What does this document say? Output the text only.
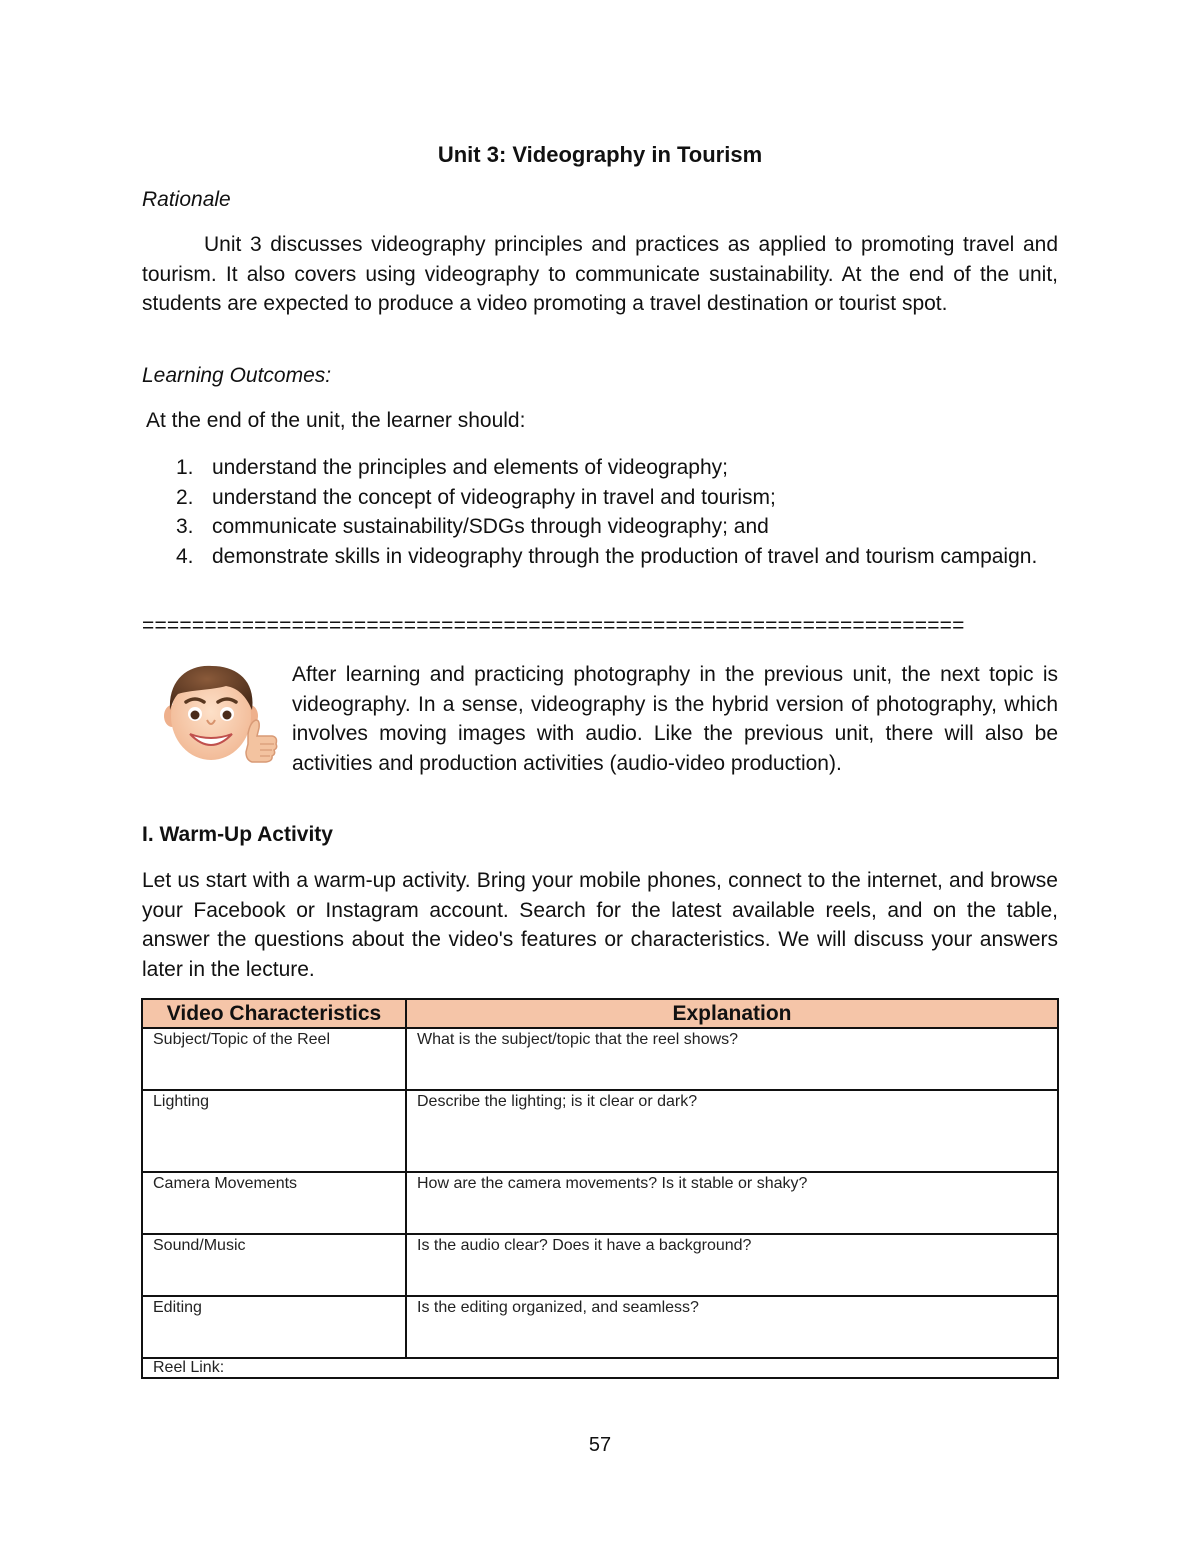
Unit 3: Videography in Tourism
Rationale
Unit 3 discusses videography principles and practices as applied to promoting travel and tourism. It also covers using videography to communicate sustainability. At the end of the unit, students are expected to produce a video promoting a travel destination or tourist spot.
Learning Outcomes:
At the end of the unit, the learner should:
1. understand the principles and elements of videography;
2. understand the concept of videography in travel and tourism;
3. communicate sustainability/SDGs through videography; and
4. demonstrate skills in videography through the production of travel and tourism campaign.
==================================================================
After learning and practicing photography in the previous unit, the next topic is videography. In a sense, videography is the hybrid version of photography, which involves moving images with audio. Like the previous unit, there will also be activities and production activities (audio-video production).
I. Warm-Up Activity
Let us start with a warm-up activity. Bring your mobile phones, connect to the internet, and browse your Facebook or Instagram account. Search for the latest available reels, and on the table, answer the questions about the video's features or characteristics. We will discuss your answers later in the lecture.
Video Characteristics	Explanation
Subject/Topic of the Reel	What is the subject/topic that the reel shows?
Lighting	Describe the lighting; is it clear or dark?
Camera Movements	How are the camera movements? Is it stable or shaky?
Sound/Music	Is the audio clear? Does it have a background?
Editing	Is the editing organized, and seamless?
Reel Link:	
57
